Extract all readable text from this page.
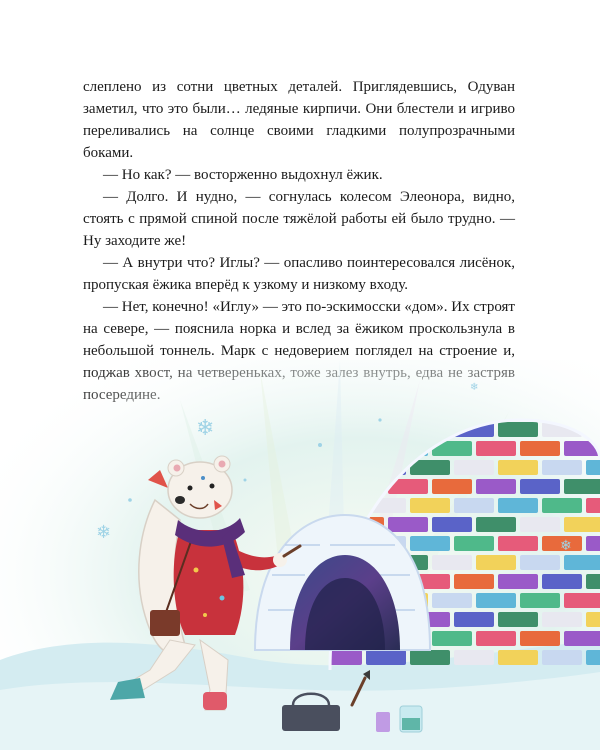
слеплено из сотни цветных деталей. Приглядевшись, Одуван заметил, что это были… ледяные кирпичи. Они блестели и игриво переливались на солнце своими гладкими полупрозрачными боками.

— Но как? — восторженно выдохнул ёжик.

— Долго. И нудно, — согнулась колесом Элеонора, видно, стоять с прямой спиной после тяжёлой работы ей было трудно. — Ну заходите же!

— А внутри что? Иглы? — опасливо поинтересовался лисёнок, пропуская ёжика вперёд к узкому и низкому входу.

— Нет, конечно! «Иглу» — это по-эскимосски «дом». Их строят на севере, — пояснила норка и вслед за ёжиком проскользнула в небольшой тоннель. Марк с недоверием поглядел на строение и,

❄
❄
❄
❄
